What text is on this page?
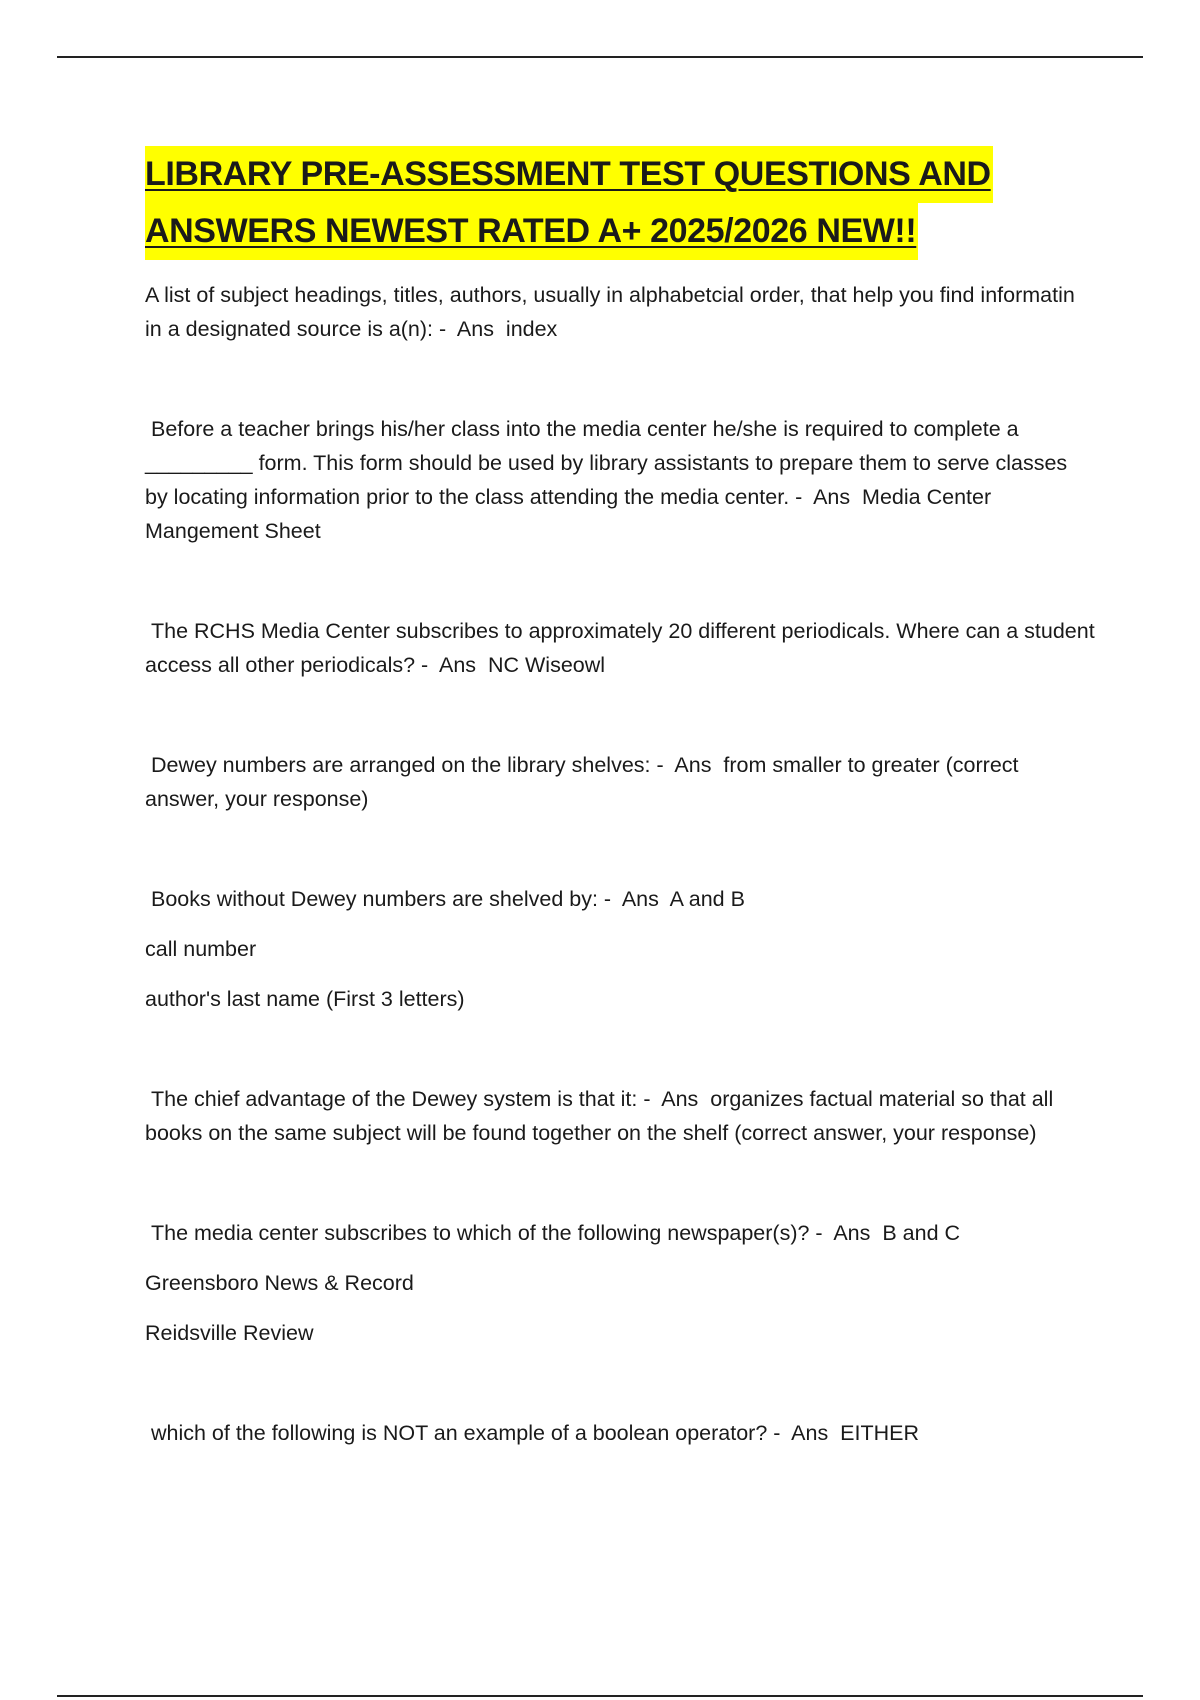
LIBRARY PRE-ASSESSMENT TEST QUESTIONS AND
ANSWERS NEWEST RATED A+ 2025/2026 NEW!!

A list of subject headings, titles, authors, usually in alphabetcial order, that help you find informatin in a designated source is a(n): -  Ans  index

Before a teacher brings his/her class into the media center he/she is required to complete a _________ form. This form should be used by library assistants to prepare them to serve classes by locating information prior to the class attending the media center. -  Ans  Media Center Mangement Sheet

The RCHS Media Center subscribes to approximately 20 different periodicals. Where can a student access all other periodicals? -  Ans  NC Wiseowl

Dewey numbers are arranged on the library shelves: -  Ans  from smaller to greater (correct answer, your response)

Books without Dewey numbers are shelved by: -  Ans  A and B

call number

author's last name (First 3 letters)

The chief advantage of the Dewey system is that it: -  Ans  organizes factual material so that all books on the same subject will be found together on the shelf (correct answer, your response)

The media center subscribes to which of the following newspaper(s)? -  Ans  B and C

Greensboro News & Record

Reidsville Review

which of the following is NOT an example of a boolean operator? -  Ans  EITHER
